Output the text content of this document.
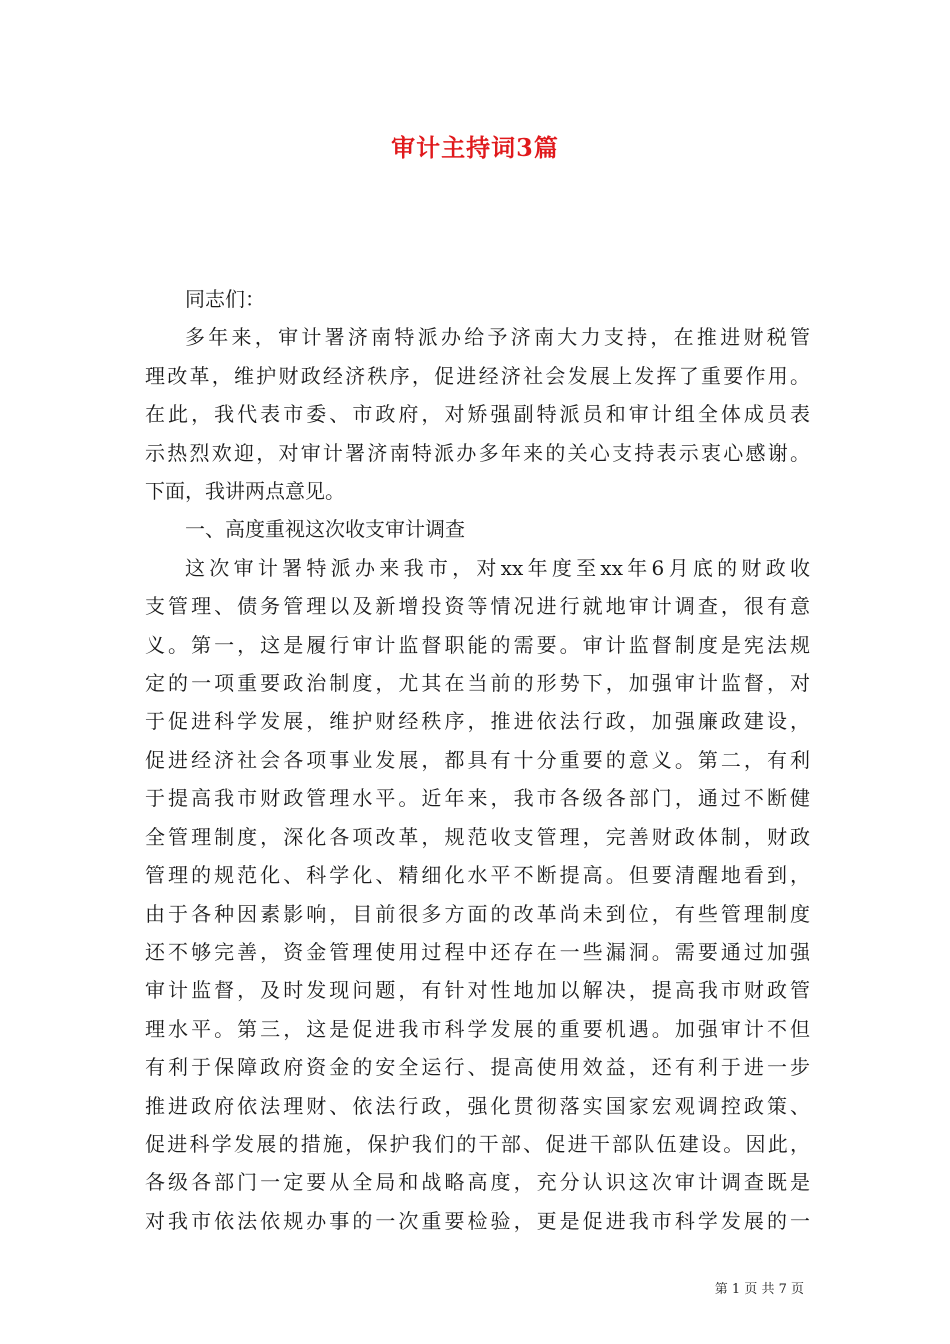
审计主持词3篇
同志们：
多年来，审计署济南特派办给予济南大力支持，在推进财税管
理改革，维护财政经济秩序，促进经济社会发展上发挥了重要作用。
在此，我代表市委、市政府，对矫强副特派员和审计组全体成员表
示热烈欢迎，对审计署济南特派办多年来的关心支持表示衷心感谢。
下面，我讲两点意见。
一、高度重视这次收支审计调查
这次审计署特派办来我市，对xx年度至xx年6月底的财政收
支管理、债务管理以及新增投资等情况进行就地审计调查，很有意
义。第一，这是履行审计监督职能的需要。审计监督制度是宪法规
定的一项重要政治制度，尤其在当前的形势下，加强审计监督，对
于促进科学发展，维护财经秩序，推进依法行政，加强廉政建设，
促进经济社会各项事业发展，都具有十分重要的意义。第二，有利
于提高我市财政管理水平。近年来，我市各级各部门，通过不断健
全管理制度，深化各项改革，规范收支管理，完善财政体制，财政
管理的规范化、科学化、精细化水平不断提高。但要清醒地看到，
由于各种因素影响，目前很多方面的改革尚未到位，有些管理制度
还不够完善，资金管理使用过程中还存在一些漏洞。需要通过加强
审计监督，及时发现问题，有针对性地加以解决，提高我市财政管
理水平。第三，这是促进我市科学发展的重要机遇。加强审计不但
有利于保障政府资金的安全运行、提高使用效益，还有利于进一步
推进政府依法理财、依法行政，强化贯彻落实国家宏观调控政策、
促进科学发展的措施，保护我们的干部、促进干部队伍建设。因此，
各级各部门一定要从全局和战略高度，充分认识这次审计调查既是
对我市依法依规办事的一次重要检验，更是促进我市科学发展的一
第 1 页 共 7 页
